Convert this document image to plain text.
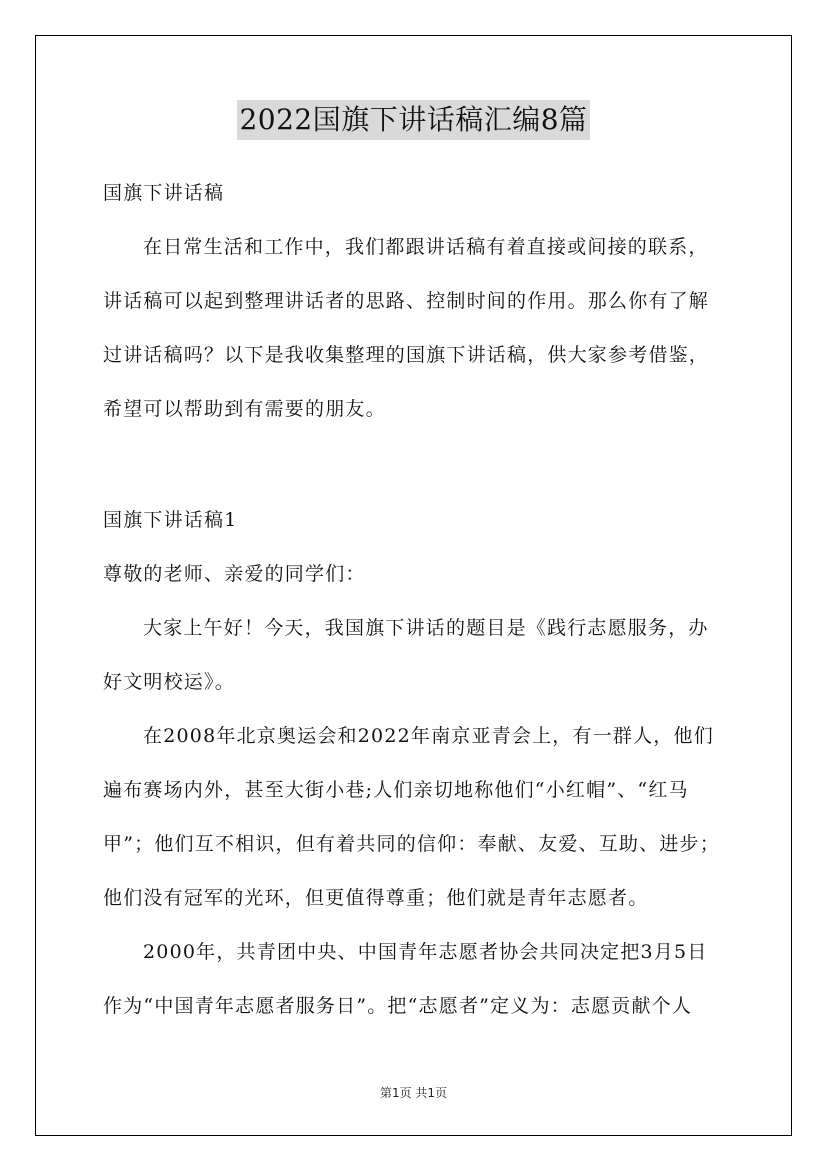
2022国旗下讲话稿汇编8篇
国旗下讲话稿
在日常生活和工作中，我们都跟讲话稿有着直接或间接的联系，
讲话稿可以起到整理讲话者的思路、控制时间的作用。那么你有了解
过讲话稿吗？以下是我收集整理的国旗下讲话稿，供大家参考借鉴，
希望可以帮助到有需要的朋友。
国旗下讲话稿1
尊敬的老师、亲爱的同学们：
大家上午好！今天，我国旗下讲话的题目是《践行志愿服务，办
好文明校运》。
在2008年北京奥运会和2022年南京亚青会上，有一群人，他们
遍布赛场内外，甚至大街小巷;人们亲切地称他们“小红帽”、“红马
甲”；他们互不相识，但有着共同的信仰：奉献、友爱、互助、进步；
他们没有冠军的光环，但更值得尊重；他们就是青年志愿者。
2000年，共青团中央、中国青年志愿者协会共同决定把3月5日
作为“中国青年志愿者服务日”。把“志愿者”定义为：志愿贡献个人
第1页 共1页
